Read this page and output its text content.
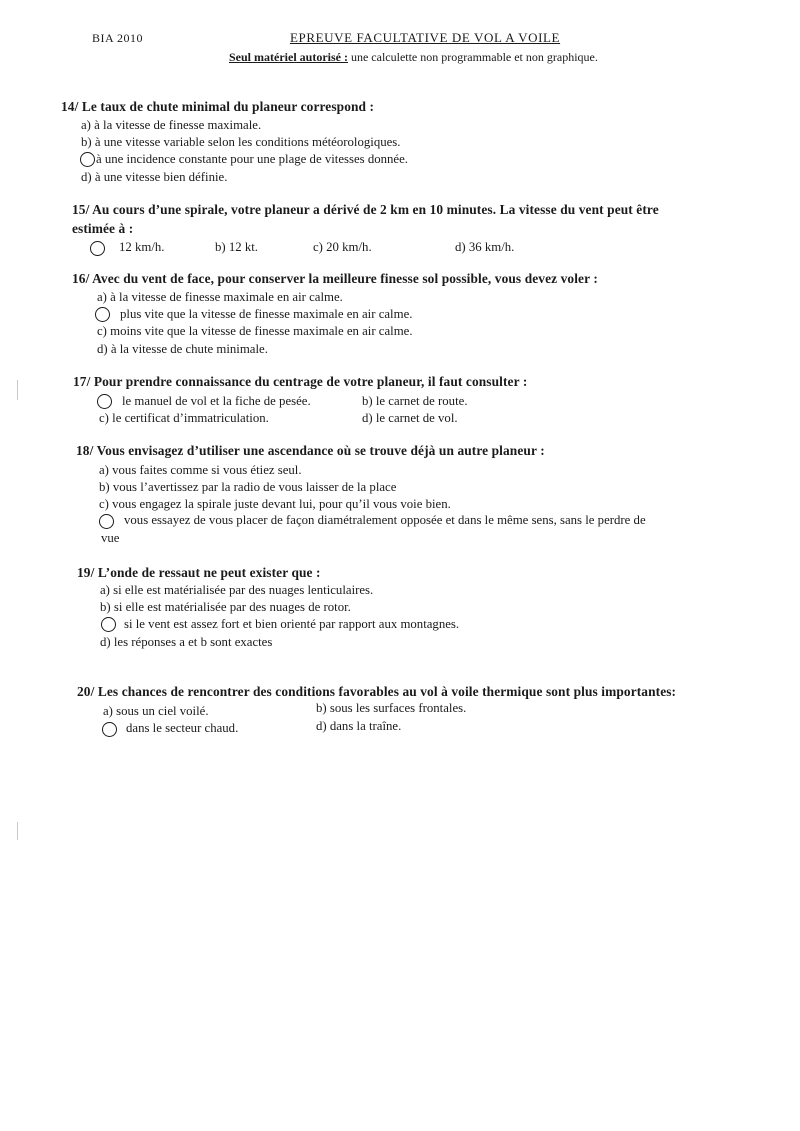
BIA 2010	EPREUVE FACULTATIVE DE VOL A VOILE
Seul matériel autorisé : une calculette non programmable et non graphique.
14/ Le taux de chute minimal du planeur correspond :
a) à la vitesse de finesse maximale.
b) à une vitesse variable selon les conditions météorologiques.
à une incidence constante pour une plage de vitesses donnée.
d) à une vitesse bien définie.
15/ Au cours d’une spirale, votre planeur a dérivé de 2 km en 10 minutes. La vitesse du vent peut être
estimée à :
12 km/h.	b) 12 kt.	c) 20 km/h.	d) 36 km/h.
16/ Avec du vent de face, pour conserver la meilleure finesse sol possible, vous devez voler :
a) à la vitesse de finesse maximale en air calme.
plus vite que la vitesse de finesse maximale en air calme.
c) moins vite que la vitesse de finesse maximale en air calme.
d) à la vitesse de chute minimale.
17/ Pour prendre connaissance du centrage de votre planeur, il faut consulter :
le manuel de vol et la fiche de pesée.	b) le carnet de route.
c) le certificat d’immatriculation.	d) le carnet de vol.
18/ Vous envisagez d’utiliser une ascendance où se trouve déjà un autre planeur :
a) vous faites comme si vous étiez seul.
b) vous l’avertissez par la radio de vous laisser de la place
c) vous engagez la spirale juste devant lui, pour qu’il vous voie bien.
vous essayez de vous placer de façon diamétralement opposée et dans le même sens, sans le perdre de
vue
19/ L’onde de ressaut ne peut exister que :
a) si elle est matérialisée par des nuages lenticulaires.
b) si elle est matérialisée par des nuages de rotor.
si le vent est assez fort et bien orienté par rapport aux montagnes.
d) les réponses a et b sont exactes
20/ Les chances de rencontrer des conditions favorables au vol à voile thermique sont plus importantes:
a) sous un ciel voilé.	b) sous les surfaces frontales.
dans le secteur chaud.	d) dans la traîne.
